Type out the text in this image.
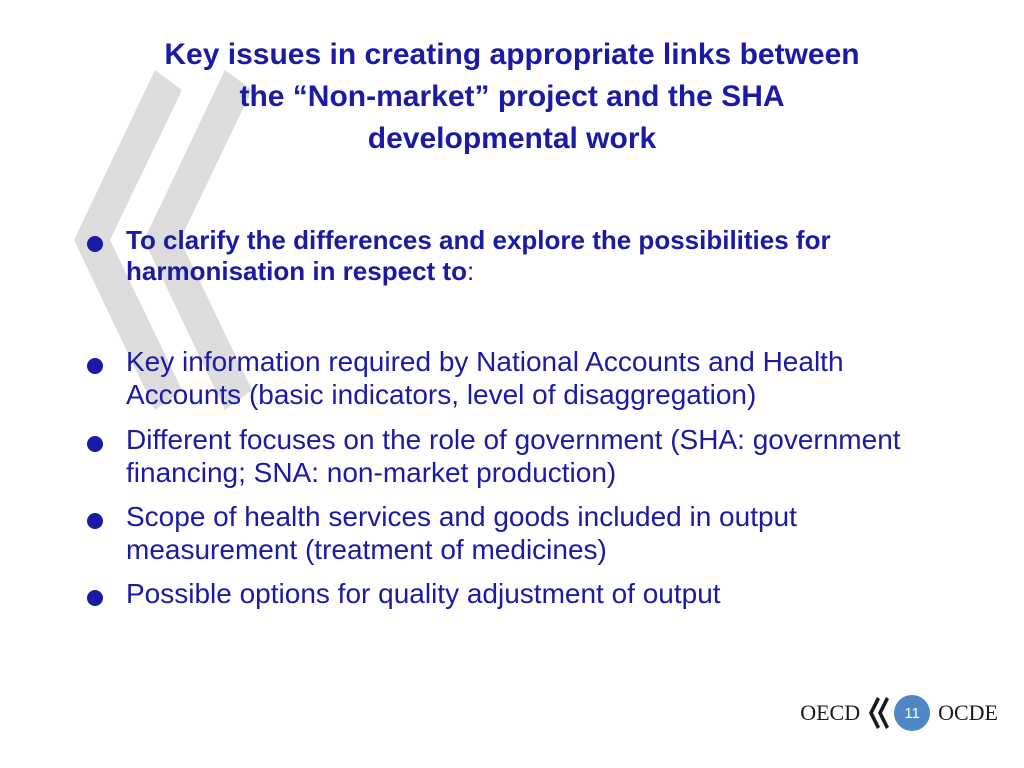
Key issues in creating appropriate links between
the “Non-market” project and the SHA
developmental work
To clarify the differences and explore the possibilities for harmonisation in respect to:
Key information required by National Accounts and Health Accounts (basic indicators, level of disaggregation)
Different focuses on the role of government (SHA: government financing; SNA: non-market production)
Scope of health services and goods included in output measurement (treatment of medicines)
Possible options for quality adjustment of output
OECD	11 OCDE
